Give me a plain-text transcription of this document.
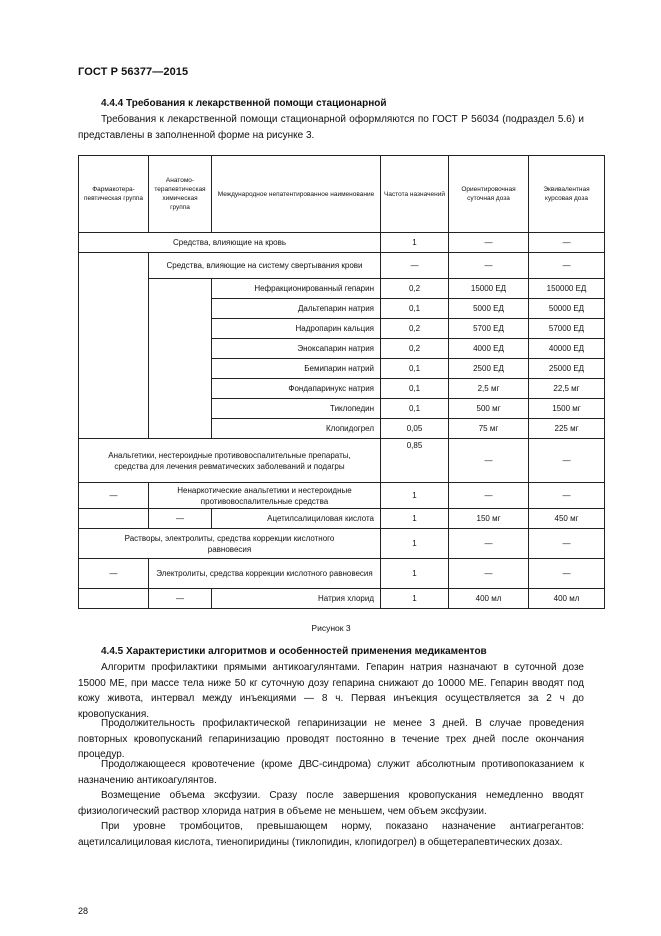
ГОСТ Р 56377—2015
4.4.4 Требования к лекарственной помощи стационарной
Требования к лекарственной помощи стационарной оформляются по ГОСТ Р 56034 (подраздел 5.6) и представлены в заполненной форме на рисунке 3.
Фармакотерапевтическая группа	Анатомо-терапевтическая химическая группа	Международное непатентированное наименование	Частота назначений	Ориентировочная суточная доза	Эквивалентная курсовая доза
Средства, влияющие на кровь			1	—	—
	Средства, влияющие на систему свертывания крови		—	—	—
		Нефракционированный гепарин	0,2	15000 ЕД	150000 ЕД
		Дальтепарин натрия	0,1	5000 ЕД	50000 ЕД
		Надропарин кальция	0,2	5700 ЕД	57000 ЕД
		Эноксапарин натрия	0,2	4000 ЕД	40000 ЕД
		Бемипарин натрий	0,1	2500 ЕД	25000 ЕД
		Фондапаринукс натрия	0,1	2,5 мг	22,5 мг
		Тиклопедин	0,1	500 мг	1500 мг
		Клопидогрел	0,05	75 мг	225 мг
Анальгетики, нестероидные противовоспалительные препараты, средства для лечения ревматических заболеваний и подагры			0,85	—	—
—	Ненаркотические анальгетики и нестероидные противовоспалительные средства		1	—	—
	—	Ацетилсалициловая кислота	1	150 мг	450 мг
Растворы, электролиты, средства коррекции кислотного равновесия			1	—	—
—	Электролиты, средства коррекции кислотного равновесия		1	—	—
	—	Натрия хлорид	1	400 мл	400 мл
Рисунок 3
4.4.5 Характеристики алгоритмов и особенностей применения медикаментов
Алгоритм профилактики прямыми антикоагулянтами. Гепарин натрия назначают в суточной дозе 15000 МЕ, при массе тела ниже 50 кг суточную дозу гепарина снижают до 10000 МЕ. Гепарин вводят под кожу живота, интервал между инъекциями — 8 ч. Первая инъекция осуществляется за 2 ч до кровопускания.
Продолжительность профилактической гепаринизации не менее 3 дней. В случае проведения повторных кровопусканий гепаринизацию проводят постоянно в течение трех дней после окончания процедур.
Продолжающееся кровотечение (кроме ДВС-синдрома) служит абсолютным противопоказанием к назначению антикоагулянтов.
Возмещение объема эксфузии. Сразу после завершения кровопускания немедленно вводят физиологический раствор хлорида натрия в объеме не меньшем, чем объем эксфузии.
При уровне тромбоцитов, превышающем норму, показано назначение антиагрегантов: ацетилсалициловая кислота, тиенопиридины (тиклопидин, клопидогрел) в общетерапевтических дозах.
28
